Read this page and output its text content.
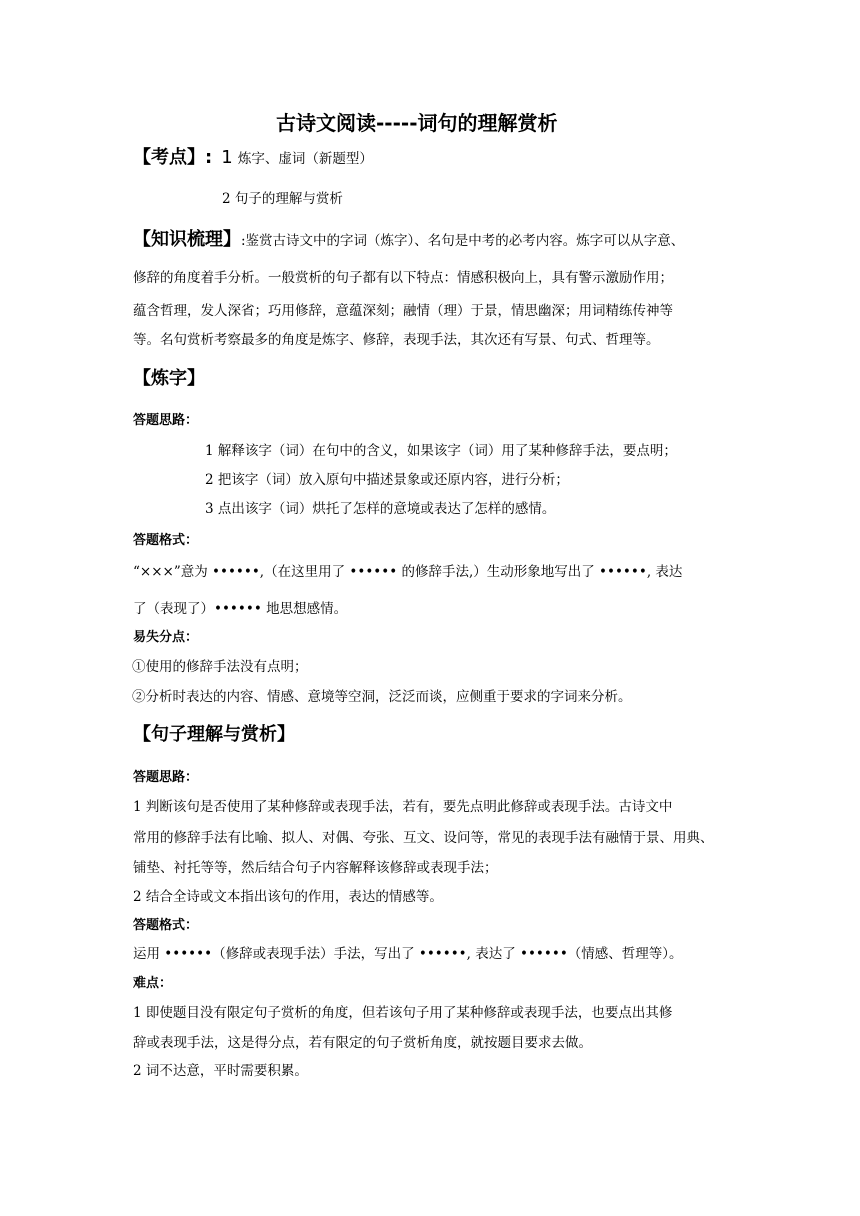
古诗文阅读-----词句的理解赏析
【考点】: 1 炼字、虚词（新题型）
2 句子的理解与赏析
【知识梳理】:鉴赏古诗文中的字词（炼字）、名句是中考的必考内容。炼字可以从字意、
修辞的角度着手分析。一般赏析的句子都有以下特点：情感积极向上，具有警示激励作用；
蕴含哲理，发人深省；巧用修辞，意蕴深刻；融情（理）于景，情思幽深；用词精练传神等
等。名句赏析考察最多的角度是炼字、修辞，表现手法，其次还有写景、句式、哲理等。
【炼字】
答题思路：
1 解释该字（词）在句中的含义，如果该字（词）用了某种修辞手法，要点明；
2 把该字（词）放入原句中描述景象或还原内容，进行分析；
3 点出该字（词）烘托了怎样的意境或表达了怎样的感情。
答题格式：
“×××”意为 ••••••,（在这里用了 •••••• 的修辞手法,）生动形象地写出了 ••••••, 表达
了（表现了）•••••• 地思想感情。
易失分点：
①使用的修辞手法没有点明；
②分析时表达的内容、情感、意境等空洞，泛泛而谈，应侧重于要求的字词来分析。
【句子理解与赏析】
答题思路：
1 判断该句是否使用了某种修辞或表现手法，若有，要先点明此修辞或表现手法。古诗文中
常用的修辞手法有比喻、拟人、对偶、夸张、互文、设问等，常见的表现手法有融情于景、用典、
铺垫、衬托等等，然后结合句子内容解释该修辞或表现手法；
2 结合全诗或文本指出该句的作用，表达的情感等。
答题格式：
运用 ••••••（修辞或表现手法）手法，写出了 ••••••, 表达了 ••••••（情感、哲理等）。
难点：
1 即使题目没有限定句子赏析的角度，但若该句子用了某种修辞或表现手法，也要点出其修
辞或表现手法，这是得分点，若有限定的句子赏析角度，就按题目要求去做。
2 词不达意，平时需要积累。
